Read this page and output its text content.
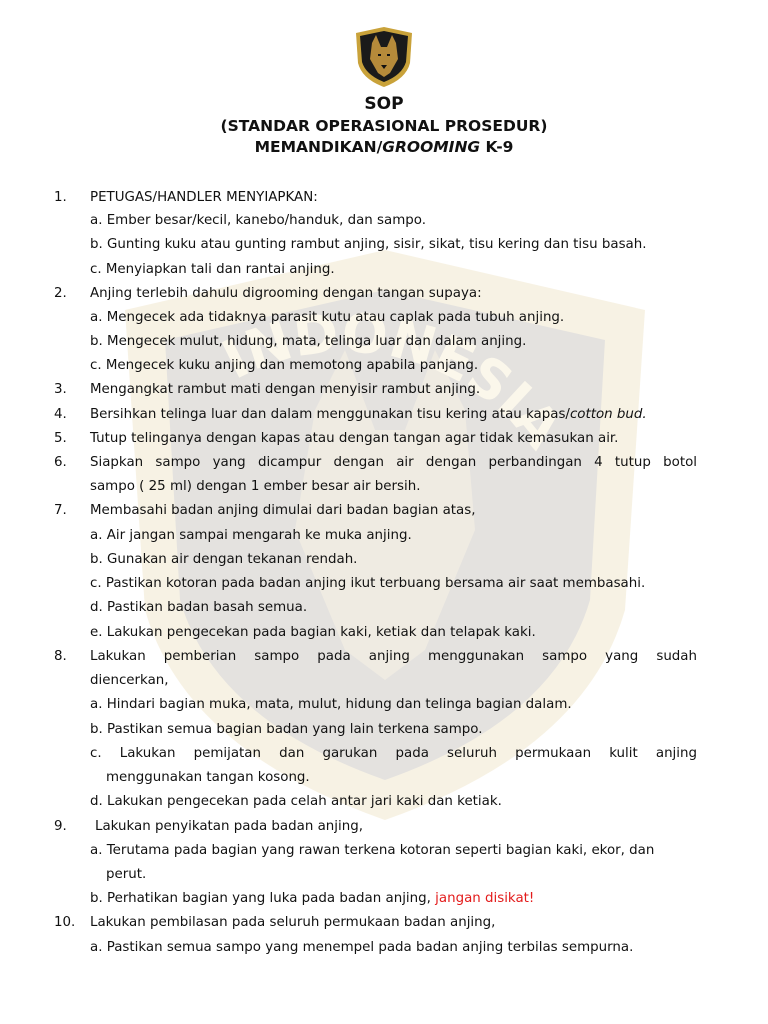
INDONESIA
SOP
(STANDAR OPERASIONAL PROSEDUR)
MEMANDIKAN/GROOMING K-9
1. PETUGAS/HANDLER MENYIAPKAN:
a. Ember besar/kecil, kanebo/handuk, dan sampo.
b. Gunting kuku atau gunting rambut anjing, sisir, sikat, tisu kering dan tisu basah.
c. Menyiapkan tali dan rantai anjing.
2. Anjing terlebih dahulu digrooming dengan tangan supaya:
a. Mengecek ada tidaknya parasit kutu atau caplak pada tubuh anjing.
b. Mengecek mulut, hidung, mata, telinga luar dan dalam anjing.
c. Mengecek kuku anjing dan memotong apabila panjang.
3. Mengangkat rambut mati dengan menyisir rambut anjing.
4. Bersihkan telinga luar dan dalam menggunakan tisu kering atau kapas/cotton bud.
5. Tutup telinganya dengan kapas atau dengan tangan agar tidak kemasukan air.
6. Siapkan sampo yang dicampur dengan air dengan perbandingan 4 tutup botol
sampo ( 25 ml) dengan 1 ember besar air bersih.
7. Membasahi badan anjing dimulai dari badan bagian atas,
a. Air jangan sampai mengarah ke muka anjing.
b. Gunakan air dengan tekanan rendah.
c. Pastikan kotoran pada badan anjing ikut terbuang bersama air saat membasahi.
d. Pastikan badan basah semua.
e. Lakukan pengecekan pada bagian kaki, ketiak dan telapak kaki.
8. Lakukan pemberian sampo pada anjing menggunakan sampo yang sudah
diencerkan,
a. Hindari bagian muka, mata, mulut, hidung dan telinga bagian dalam.
b. Pastikan semua bagian badan yang lain terkena sampo.
c. Lakukan pemijatan dan garukan pada seluruh permukaan kulit anjing
menggunakan tangan kosong.
d. Lakukan pengecekan pada celah antar jari kaki dan ketiak.
9. Lakukan penyikatan pada badan anjing,
a. Terutama pada bagian yang rawan terkena kotoran seperti bagian kaki, ekor, dan
perut.
b. Perhatikan bagian yang luka pada badan anjing, jangan disikat!
10. Lakukan pembilasan pada seluruh permukaan badan anjing,
a. Pastikan semua sampo yang menempel pada badan anjing terbilas sempurna.
